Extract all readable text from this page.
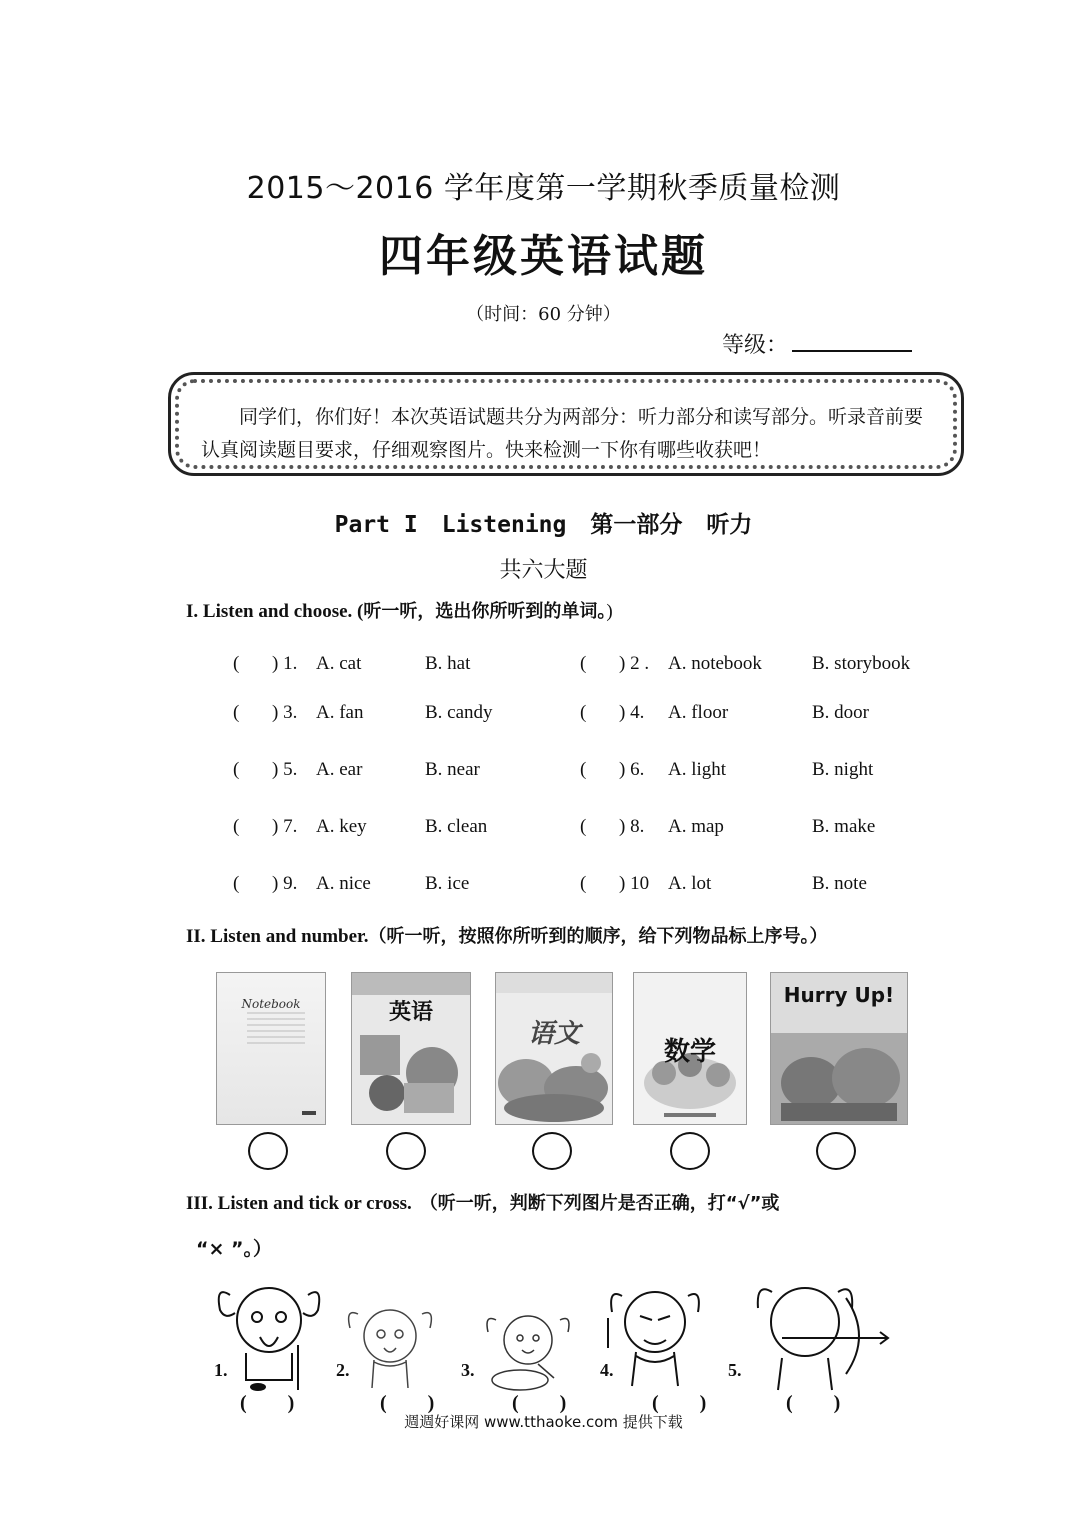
2015～2016 学年度第一学期秋季质量检测
四年级英语试题
（时间：60 分钟）
等级：
同学们，你们好！本次英语试题共分为两部分：听力部分和读写部分。听录音前要认真阅读题目要求，仔细观察图片。快来检测一下你有哪些收获吧！
Part I Listening 第一部分 听力
共六大题
I. Listen and choose. (听一听，选出你所听到的单词。)
( ) 1. A. cat	B. hat	( ) 2 . A. notebook	B. storybook
( ) 3. A. fan	B. candy	( ) 4. A. floor	B. door
( ) 5. A. ear	B. near	( ) 6. A. light	B. night
( ) 7. A. key	B. clean	( ) 8. A. map	B. make
( ) 9. A. nice	B. ice	( ) 10 A. lot	B. note
II. Listen and number.（听一听，按照你所听到的顺序，给下列物品标上序号。）
Notebook	英语
语文
数学
Hurry Up!
III. Listen and tick or cross. （听一听，判断下列图片是否正确，打“√”或
“× ”。）
1.	2.	3.	4.	5.
( )	( )	( )	( )	( )
週週好课网 www.tthaoke.com 提供下载
